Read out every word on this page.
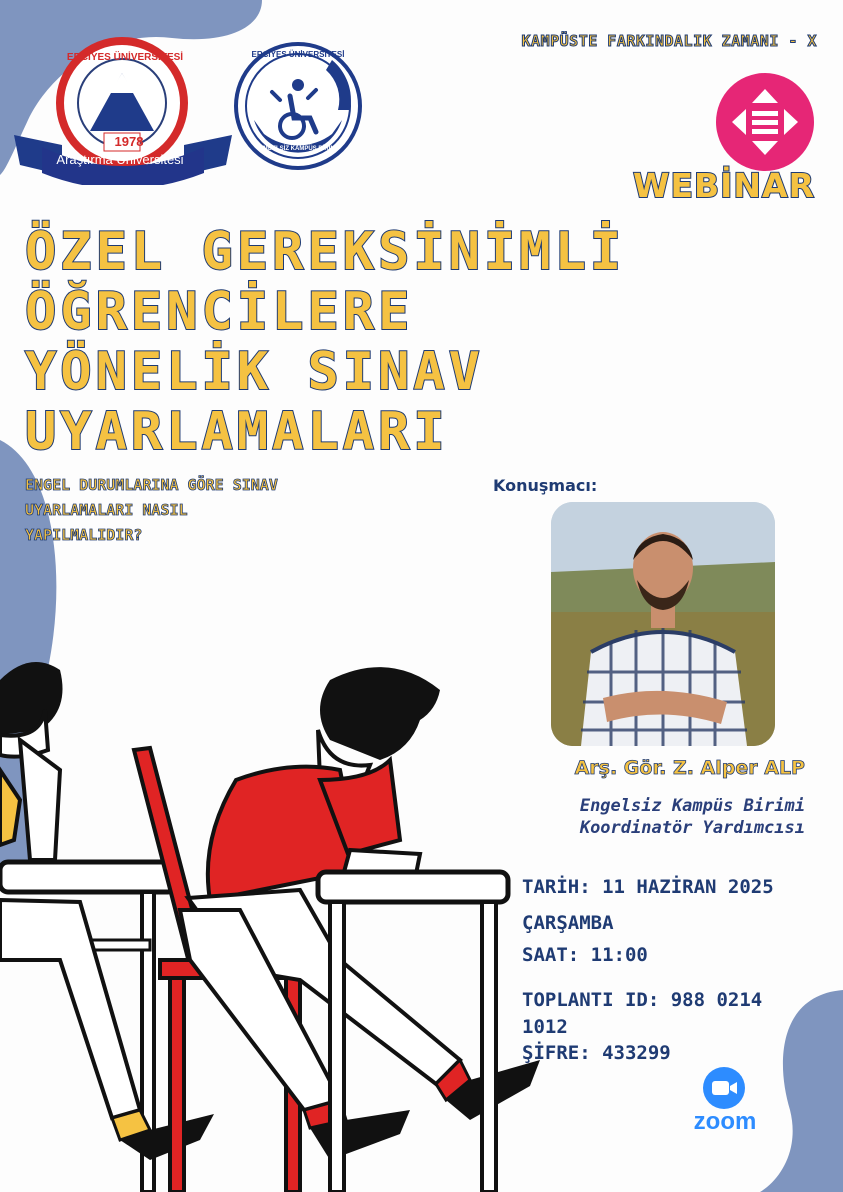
1978
ERCİYES ÜNİVERSİTESİ
Araştırma Üniversitesi
ERCİYES ÜNİVERSİTESİ
ENGELSİZ KAMPÜS BİRİMİ
KAMPÜSTE FARKINDALIK ZAMANI - X
WEBİNAR
ÖZEL GEREKSİNİMLİ
ÖĞRENCİLERE
YÖNELİK SINAV
UYARLAMALARI
ENGEL DURUMLARINA GÖRE SINAV
UYARLAMALARI NASIL
YAPILMALIDIR?
Konuşmacı:
Arş. Gör. Z. Alper ALP
Engelsiz Kampüs Birimi
Koordinatör Yardımcısı
TARİH: 11 HAZİRAN 2025
ÇARŞAMBA
SAAT: 11:00
TOPLANTI ID: 988 0214
1012
ŞİFRE: 433299
zoom
